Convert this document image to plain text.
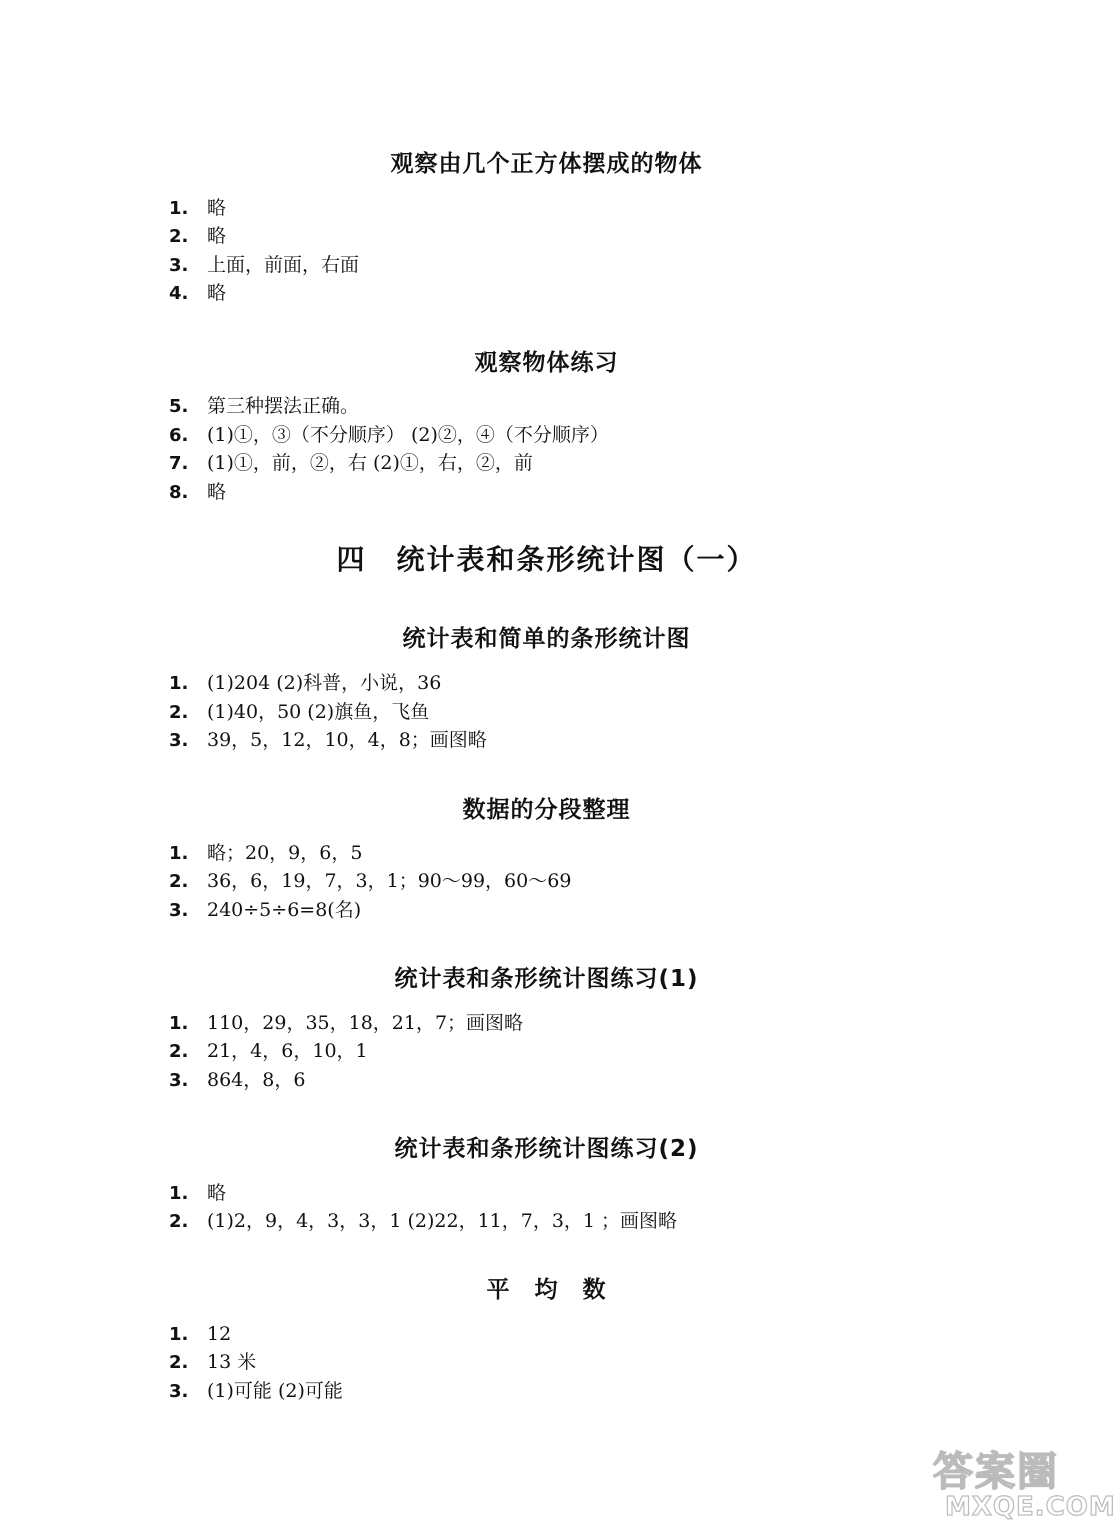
观察由几个正方体摆成的物体
1. 略
2. 略
3. 上面，前面，右面
4. 略
观察物体练习
5. 第三种摆法正确。
6. (1)①，③（不分顺序） (2)②，④（不分顺序）
7. (1)①，前，②，右 (2)①，右，②，前
8. 略
四　统计表和条形统计图（一）
统计表和简单的条形统计图
1. (1)204 (2)科普，小说，36
2. (1)40，50 (2)旗鱼，飞鱼
3. 39，5，12，10，4，8；画图略
数据的分段整理
1. 略；20，9，6，5
2. 36，6，19，7，3，1；90～99，60～69
3. 240÷5÷6=8(名)
统计表和条形统计图练习(1)
1. 110，29，35，18，21，7；画图略
2. 21，4，6，10，1
3. 864，8，6
统计表和条形统计图练习(2)
1. 略
2. (1)2，9，4，3，3，1 (2)22，11，7，3，1 ；画图略
平　均　数
1. 12
2. 13 米
3. (1)可能 (2)可能
答案圈
MXQE.COM
